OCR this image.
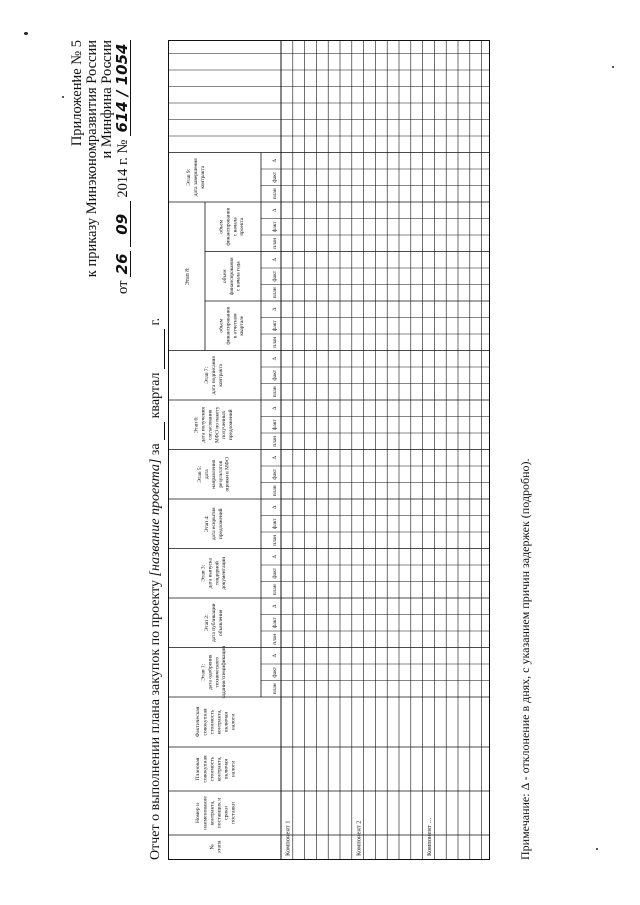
Приложение № 5 к приказу Минэкономразвития России и Минфина России
от 26 09 2014 г. № 614 / 1054
Отчет о выполнении плана закупок по проекту [название проекта] за   квартал   г.
Компонент 1	Компонент 2	Компонент …
№этапа
Номер инаименованиеконтракта,поставщик исрокипоставки
Плановаясовокупнаястоимостьконтракта,включаяналоги
Фактическаясовокупнаястоимостьконтракта,включаяналоги
Этап 1:дата одобрениятехническогозадания/спецификации
Этап 2:дата публикацииобъявления
Этап 3:дата выпускатендернойдокументации
Этап 4:дата вскрытияпредложений
Этап 5:датанаправлениярезультатовоценки в МФО
Этап 6:дата получениясогласованияМФО по пакетуполученныхпредложений
Этап 7:дата подписанияконтракта
Этап 8:
объемфинансированияв отчетномквартале
объемфинансированияс начала года
объемфинансированияс началапроекта
Этап 9:дата завершенияконтракта
план
факт
Δ
план
факт
Δ
план
факт
Δ
план
факт
Δ
план
факт
Δ
план
факт
Δ
план
факт
Δ
план
факт
Δ
план
факт
Δ
план
факт
Δ
план
факт
Δ
Примечание: Δ - отклонение в днях, с указанием причин задержек (подробно).
